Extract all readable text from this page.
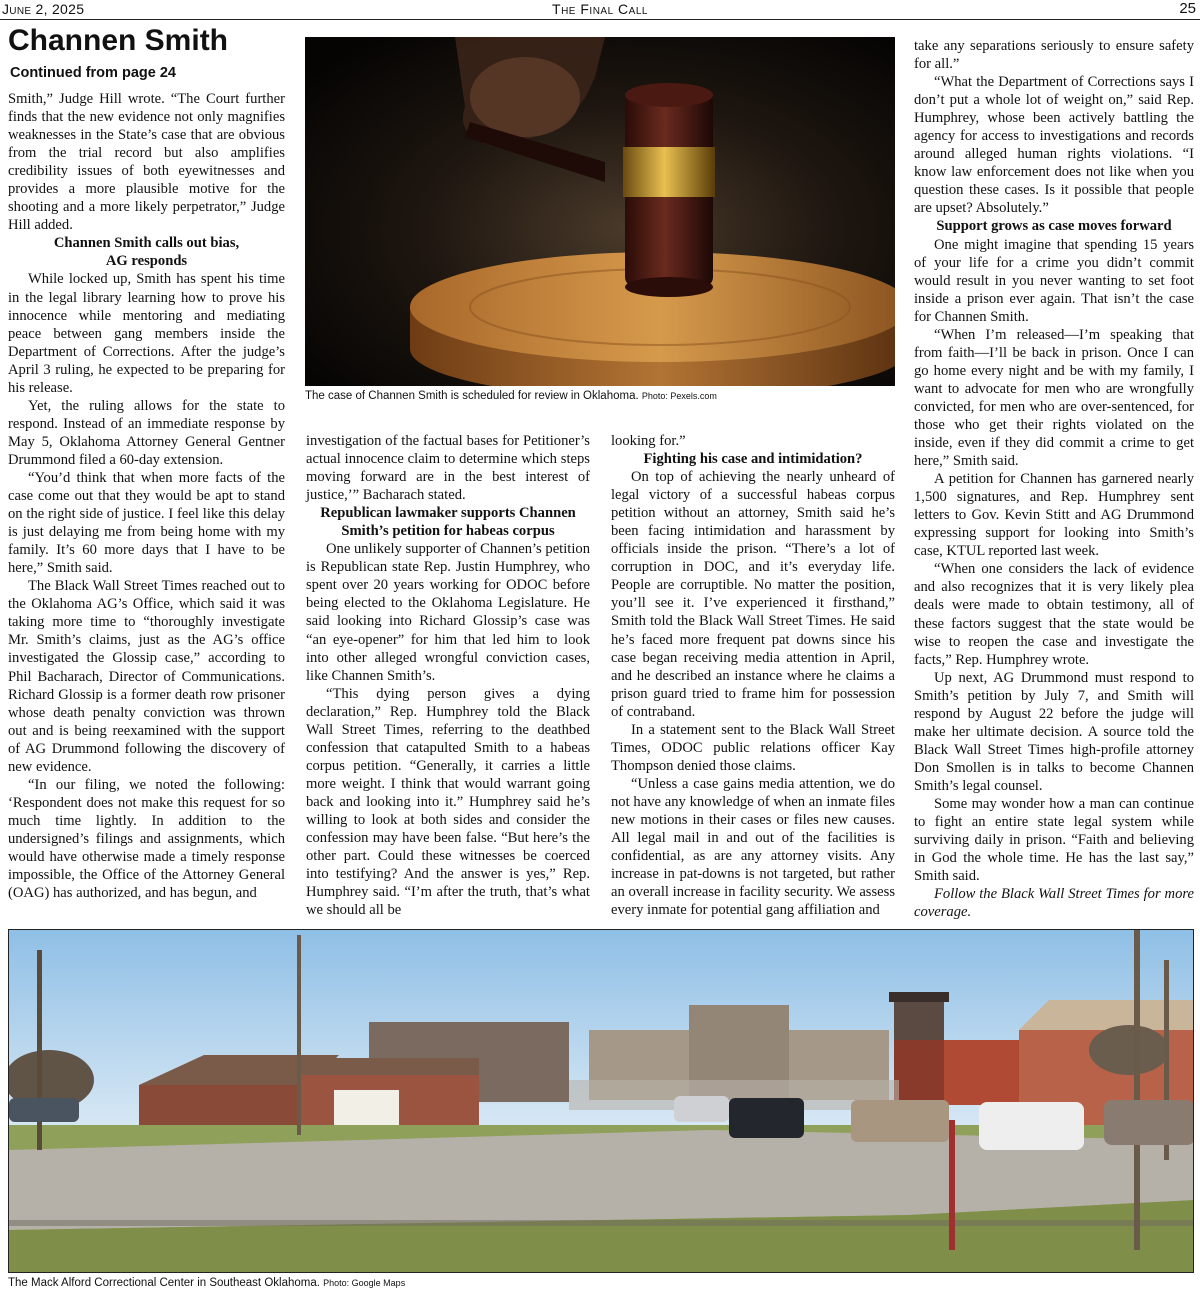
June 2, 2025	The Final Call	25
Channen Smith
Continued from page 24

Smith,” Judge Hill wrote. “The Court further finds that the new evidence not only magnifies weaknesses in the State’s case that are obvious from the trial record but also amplifies credibility issues of both eyewitnesses and provides a more plausible motive for the shooting and a more likely perpetrator,” Judge Hill added.

Channen Smith calls out bias,

AG responds

While locked up, Smith has spent his time in the legal library learning how to prove his innocence while mentoring and mediating peace between gang members inside the Department of Corrections. After the judge’s April 3 ruling, he expected to be preparing for his release.

Yet, the ruling allows for the state to respond. Instead of an immediate response by May 5, Oklahoma Attorney General Gentner Drummond filed a 60-day extension.

“You’d think that when more facts of the case come out that they would be apt to stand on the right side of justice. I feel like this delay is just delaying me from being home with my family. It’s 60 more days that I have to be here,” Smith said.

The Black Wall Street Times reached out to the Oklahoma AG’s Office, which said it was taking more time to “thoroughly investigate Mr. Smith’s claims, just as the AG’s office investigated the Glossip case,” according to Phil Bacharach, Director of Communications. Richard Glossip is a former death row prisoner whose death penalty conviction was thrown out and is being reexamined with the support of AG Drummond following the discovery of new evidence.

“In our filing, we noted the following: ‘Respondent does not make this request for so much time lightly. In addition to the undersigned’s filings and assignments, which would have otherwise made a timely response impossible, the Office of the Attorney General (OAG) has authorized, and has begun, and

The case of Channen Smith is scheduled for review in Oklahoma. Photo: Pexels.com

investigation of the factual bases for Petitioner’s actual innocence claim to determine which steps moving forward are in the best interest of justice,’” Bacharach stated.

Republican lawmaker supports Channen

Smith’s petition for habeas corpus

One unlikely supporter of Channen’s petition is Republican state Rep. Justin Humphrey, who spent over 20 years working for ODOC before being elected to the Oklahoma Legislature. He said looking into Richard Glossip’s case was “an eye-opener” for him that led him to look into other alleged wrongful conviction cases, like Channen Smith’s.

“This dying person gives a dying declaration,” Rep. Humphrey told the Black Wall Street Times, referring to the deathbed confession that catapulted Smith to a habeas corpus petition. “Generally, it carries a little more weight. I think that would warrant going back and looking into it.” Humphrey said he’s willing to look at both sides and consider the confession may have been false. “But here’s the other part. Could these witnesses be coerced into testifying? And the answer is yes,” Rep. Humphrey said. “I’m after the truth, that’s what we should all be

looking for.”

Fighting his case and intimidation?

On top of achieving the nearly unheard of legal victory of a successful habeas corpus petition without an attorney, Smith said he’s been facing intimidation and harassment by officials inside the prison. “There’s a lot of corruption in DOC, and it’s everyday life. People are corruptible. No matter the position, you’ll see it. I’ve experienced it firsthand,” Smith told the Black Wall Street Times. He said he’s faced more frequent pat downs since his case began receiving media attention in April, and he described an instance where he claims a prison guard tried to frame him for possession of contraband.

In a statement sent to the Black Wall Street Times, ODOC public relations officer Kay Thompson denied those claims.

“Unless a case gains media attention, we do not have any knowledge of when an inmate files new motions in their cases or files new causes. All legal mail in and out of the facilities is confidential, as are any attorney visits. Any increase in pat-downs is not targeted, but rather an overall increase in facility security. We assess every inmate for potential gang affiliation and

take any separations seriously to ensure safety for all.”

“What the Department of Corrections says I don’t put a whole lot of weight on,” said Rep. Humphrey, whose been actively battling the agency for access to investigations and records around alleged human rights violations. “I know law enforcement does not like when you question these cases. Is it possible that people are upset? Absolutely.”

Support grows as case moves forward

One might imagine that spending 15 years of your life for a crime you didn’t commit would result in you never wanting to set foot inside a prison ever again. That isn’t the case for Channen Smith.

“When I’m released—I’m speaking that from faith—I’ll be back in prison. Once I can go home every night and be with my family, I want to advocate for men who are wrongfully convicted, for men who are over-sentenced, for those who get their rights violated on the inside, even if they did commit a crime to get here,” Smith said.

A petition for Channen has garnered nearly 1,500 signatures, and Rep. Humphrey sent letters to Gov. Kevin Stitt and AG Drummond expressing support for looking into Smith’s case, KTUL reported last week.

“When one considers the lack of evidence and also recognizes that it is very likely plea deals were made to obtain testimony, all of these factors suggest that the state would be wise to reopen the case and investigate the facts,” Rep. Humphrey wrote.

Up next, AG Drummond must respond to Smith’s petition by July 7, and Smith will respond by August 22 before the judge will make her ultimate decision. A source told the Black Wall Street Times high-profile attorney Don Smollen is in talks to become Channen Smith’s legal counsel.

Some may wonder how a man can continue to fight an entire state legal system while surviving daily in prison. “Faith and believing in God the whole time. He has the last say,” Smith said.

Follow the Black Wall Street Times for more coverage.

The Mack Alford Correctional Center in Southeast Oklahoma. Photo: Google Maps
